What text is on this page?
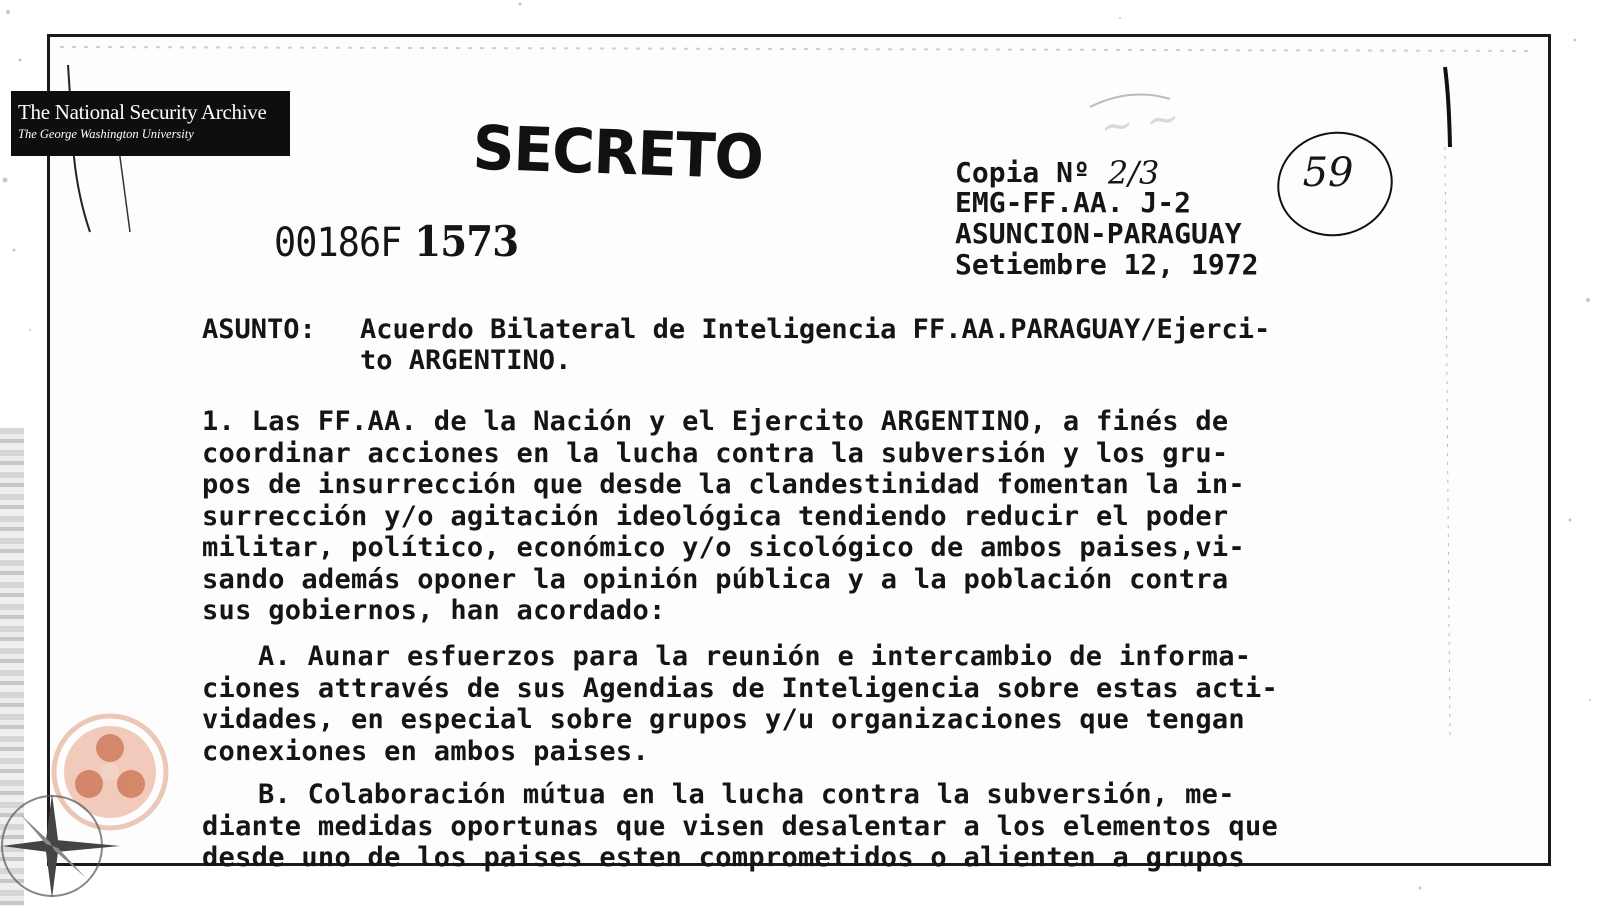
The National Security Archive
The George Washington University	SECRETO
00186F 1573
~ ~
Copia Nº 2/3
EMG-FF.AA. J-2
ASUNCION-PARAGUAY
Setiembre 12, 1972
59
ASUNTO: Acuerdo Bilateral de Inteligencia FF.AA.PARAGUAY/Ejerci-
to ARGENTINO.
1. Las FF.AA. de la Nación y el Ejercito ARGENTINO, a finés de
coordinar acciones en la lucha contra la subversión y los gru-
pos de insurrección que desde la clandestinidad fomentan la in-
surrección y/o agitación ideológica tendiendo reducir el poder
militar, político, económico y/o sicológico de ambos paises,vi-
sando además oponer la opinión pública y a la población contra
sus gobiernos, han acordado:
A. Aunar esfuerzos para la reunión e intercambio de informa-
ciones attravés de sus Agendias de Inteligencia sobre estas acti-
vidades, en especial sobre grupos y/u organizaciones que tengan
conexiones en ambos paises.
B. Colaboración mútua en la lucha contra la subversión, me-
diante medidas oportunas que visen desalentar a los elementos que
desde uno de los paises esten comprometidos o alienten a grupos
